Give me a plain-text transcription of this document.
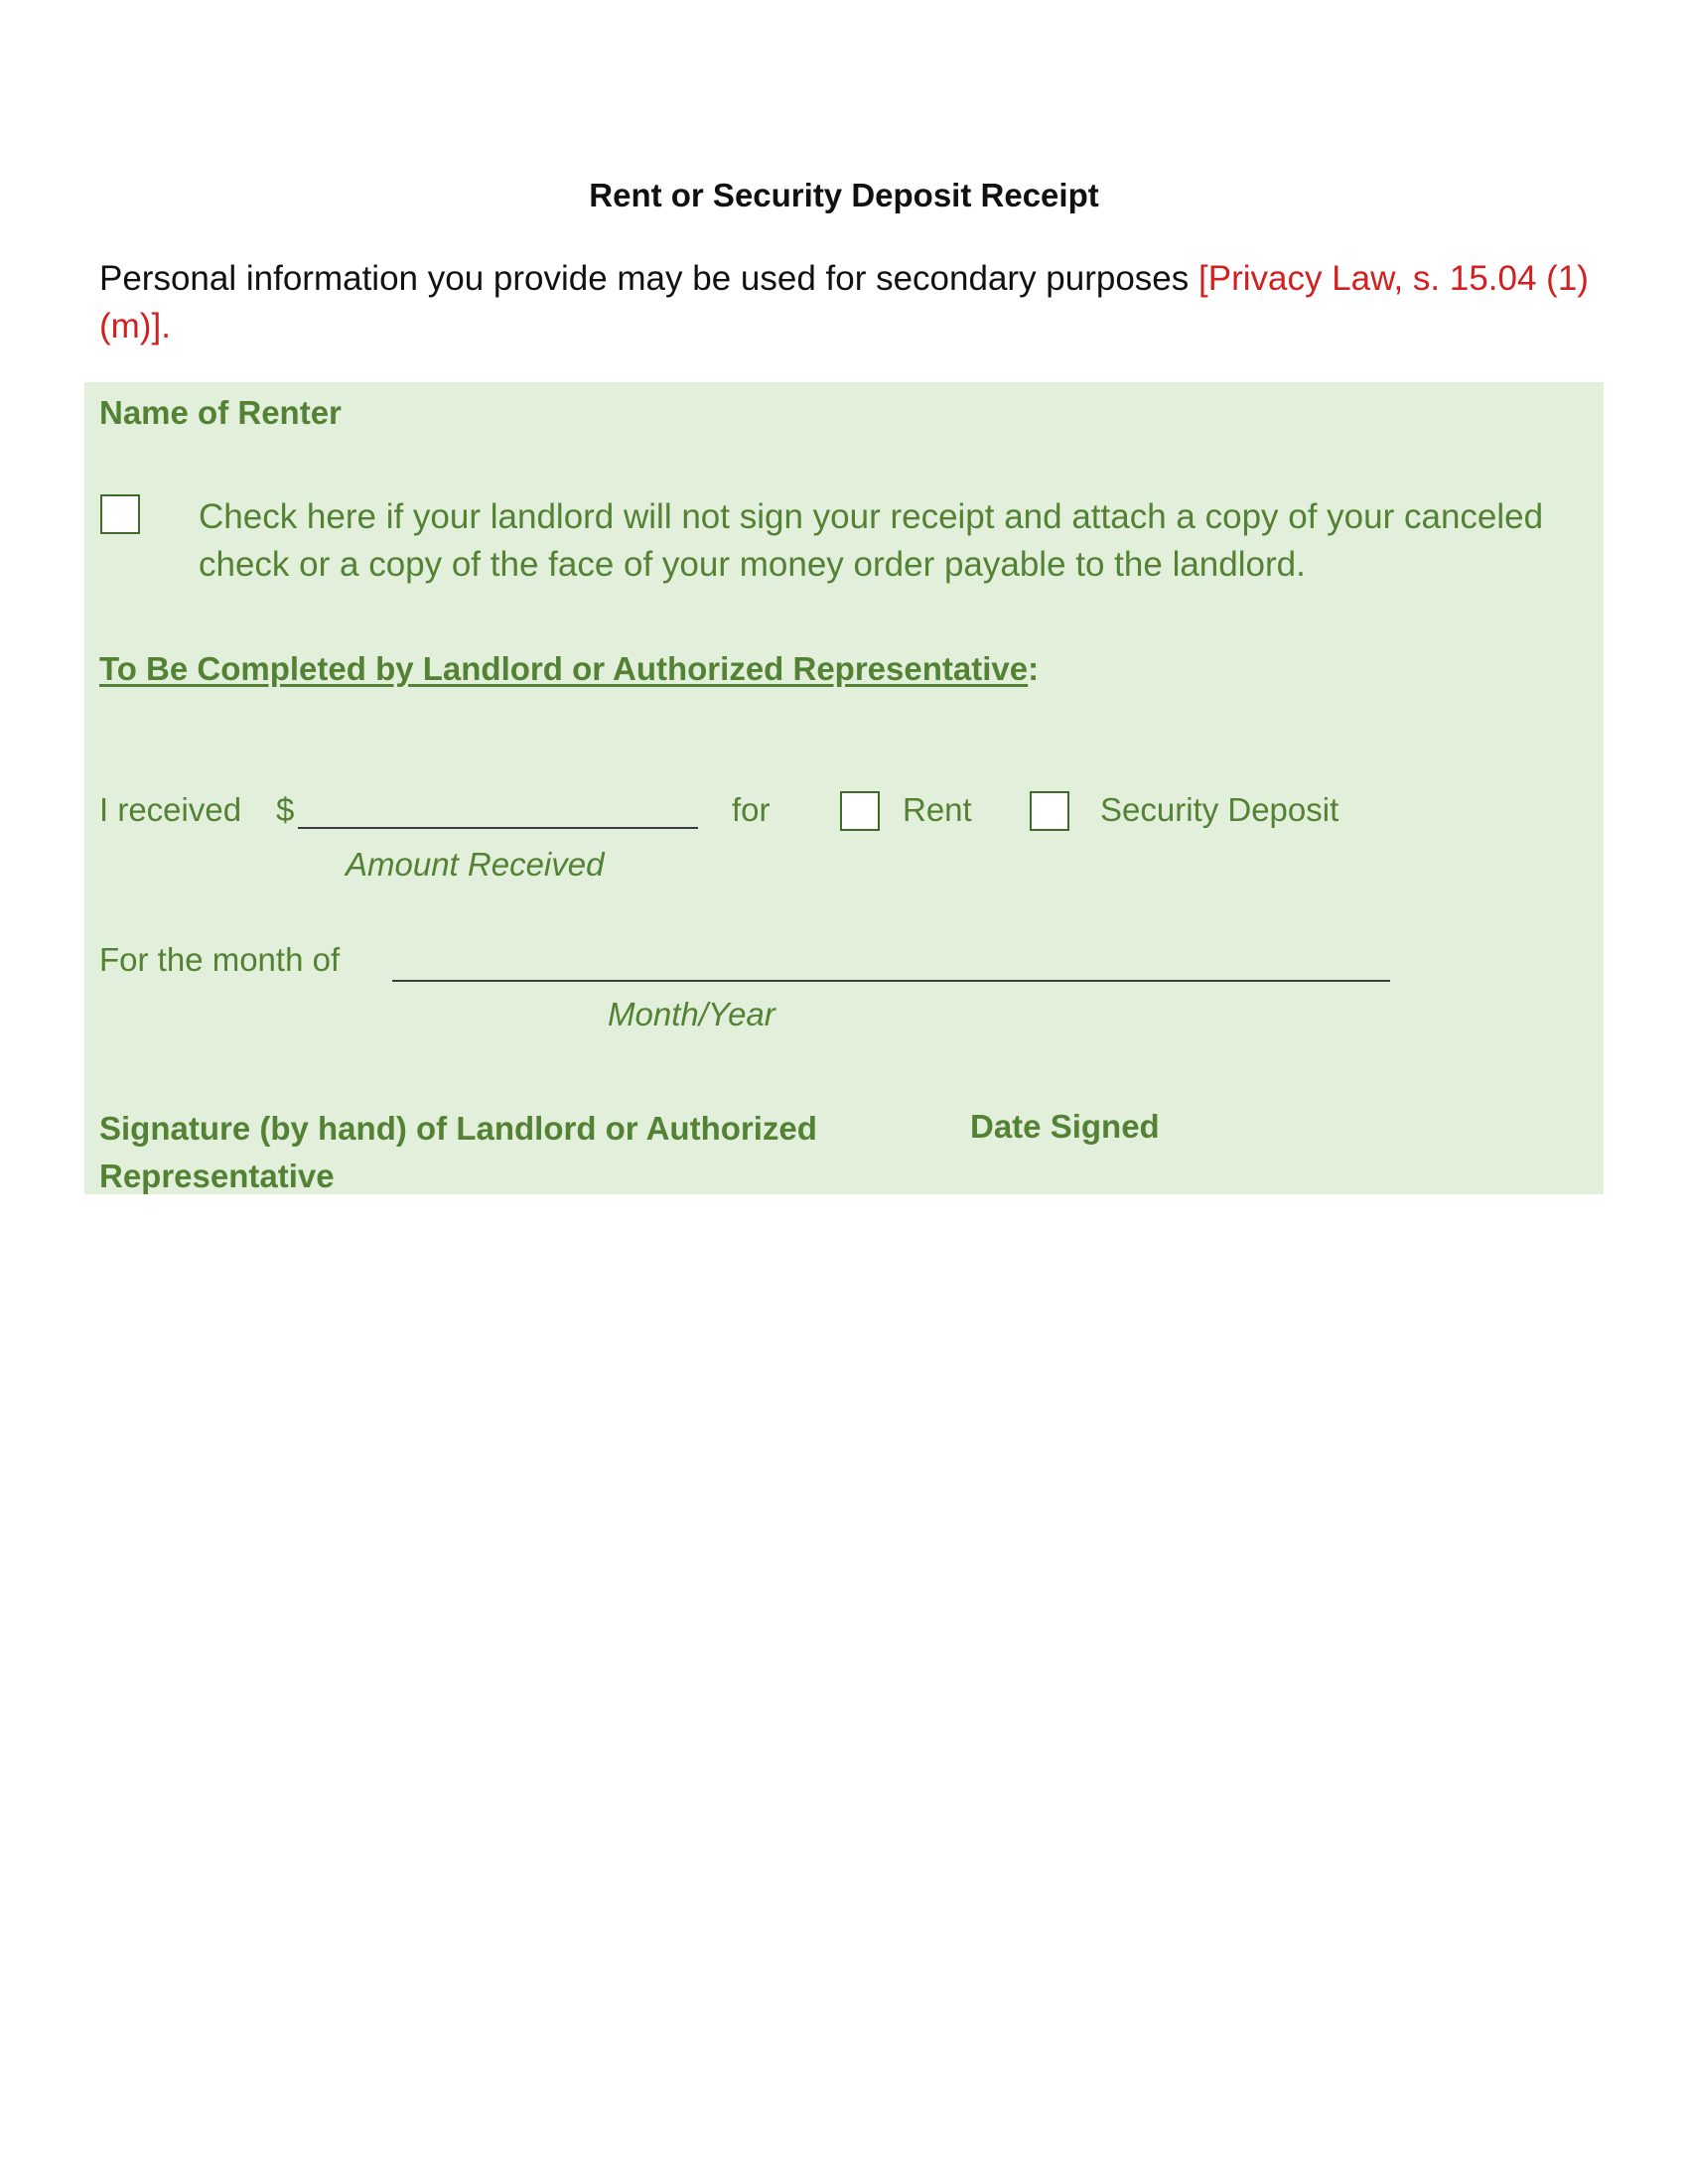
Rent or Security Deposit Receipt
Personal information you provide may be used for secondary purposes [Privacy Law, s. 15.04 (1)(m)].
Name of Renter
Check here if your landlord will not sign your receipt and attach a copy of your canceled check or a copy of the face of your money order payable to the landlord.
To Be Completed by Landlord or Authorized Representative:
I received $
Amount Received
for	Rent	Security Deposit
For the month of
Month/Year
Signature (by hand) of Landlord or Authorized Representative
Date Signed
